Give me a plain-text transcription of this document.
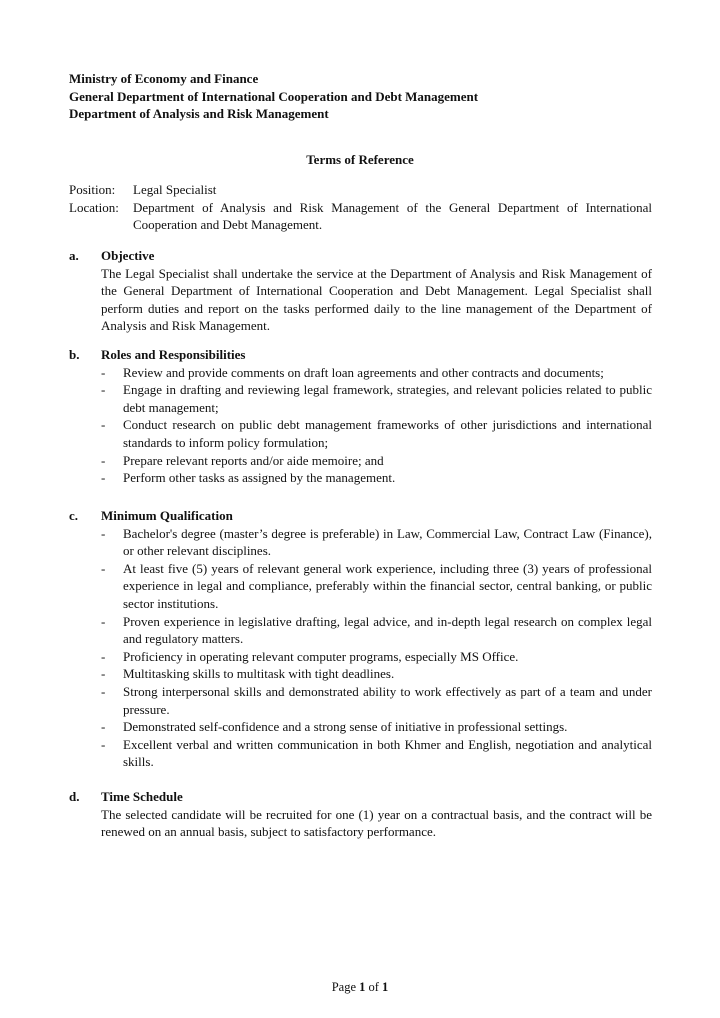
Ministry of Economy and Finance
General Department of International Cooperation and Debt Management
Department of Analysis and Risk Management
Terms of Reference
Position:	Legal Specialist
Location:	Department of Analysis and Risk Management of the General Department of International Cooperation and Debt Management.
a.	Objective
The Legal Specialist shall undertake the service at the Department of Analysis and Risk Management of the General Department of International Cooperation and Debt Management. Legal Specialist shall perform duties and report on the tasks performed daily to the line management of the Department of Analysis and Risk Management.
b.	Roles and Responsibilities
-	Review and provide comments on draft loan agreements and other contracts and documents;
-	Engage in drafting and reviewing legal framework, strategies, and relevant policies related to public debt management;
-	Conduct research on public debt management frameworks of other jurisdictions and international standards to inform policy formulation;
-	Prepare relevant reports and/or aide memoire; and
-	Perform other tasks as assigned by the management.
c.	Minimum Qualification
-	Bachelor's degree (master’s degree is preferable) in Law, Commercial Law, Contract Law (Finance), or other relevant disciplines.
-	At least five (5) years of relevant general work experience, including three (3) years of professional experience in legal and compliance, preferably within the financial sector, central banking, or public sector institutions.
-	Proven experience in legislative drafting, legal advice, and in-depth legal research on complex legal and regulatory matters.
-	Proficiency in operating relevant computer programs, especially MS Office.
-	Multitasking skills to multitask with tight deadlines.
-	Strong interpersonal skills and demonstrated ability to work effectively as part of a team and under pressure.
-	Demonstrated self-confidence and a strong sense of initiative in professional settings.
-	Excellent verbal and written communication in both Khmer and English, negotiation and analytical skills.
d.	Time Schedule
The selected candidate will be recruited for one (1) year on a contractual basis, and the contract will be renewed on an annual basis, subject to satisfactory performance.
Page 1 of 1
